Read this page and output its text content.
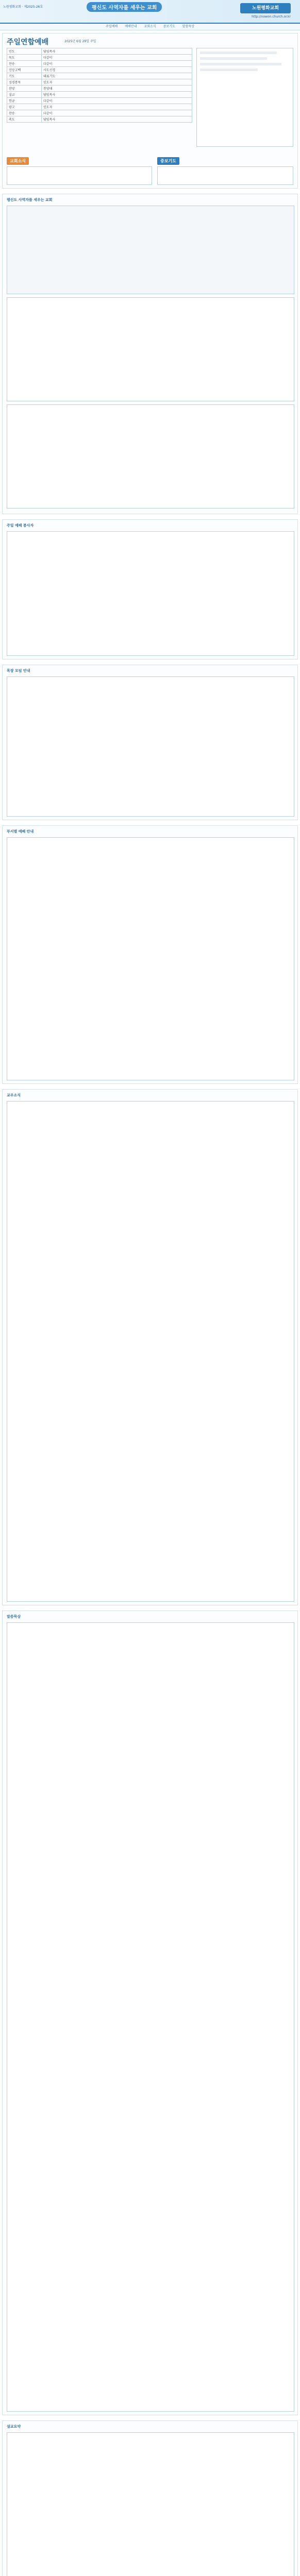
노원평화교회 · 제2025-26호	평신도 사역자를 세우는 교회	노원평화교회
http://nowon.church.or.kr
주일예배 예배안내 교회소식 중보기도 말씀묵상
주일연합예배	2025년 6월 29일 주일
인도	담임목사
묵도	다같이
찬송	다같이
신앙고백	사도신경
기도	대표기도
성경봉독	인도자
찬양	찬양대
설교	담임목사
헌금	다같이
광고	인도자
찬송	다같이
축도	담임목사
교회소식	중보기도
평신도 사역자를 세우는 교회
주일 예배 봉사자
목장 모임 안내
부서별 예배 안내
교우소식
말씀묵상
설교요약
